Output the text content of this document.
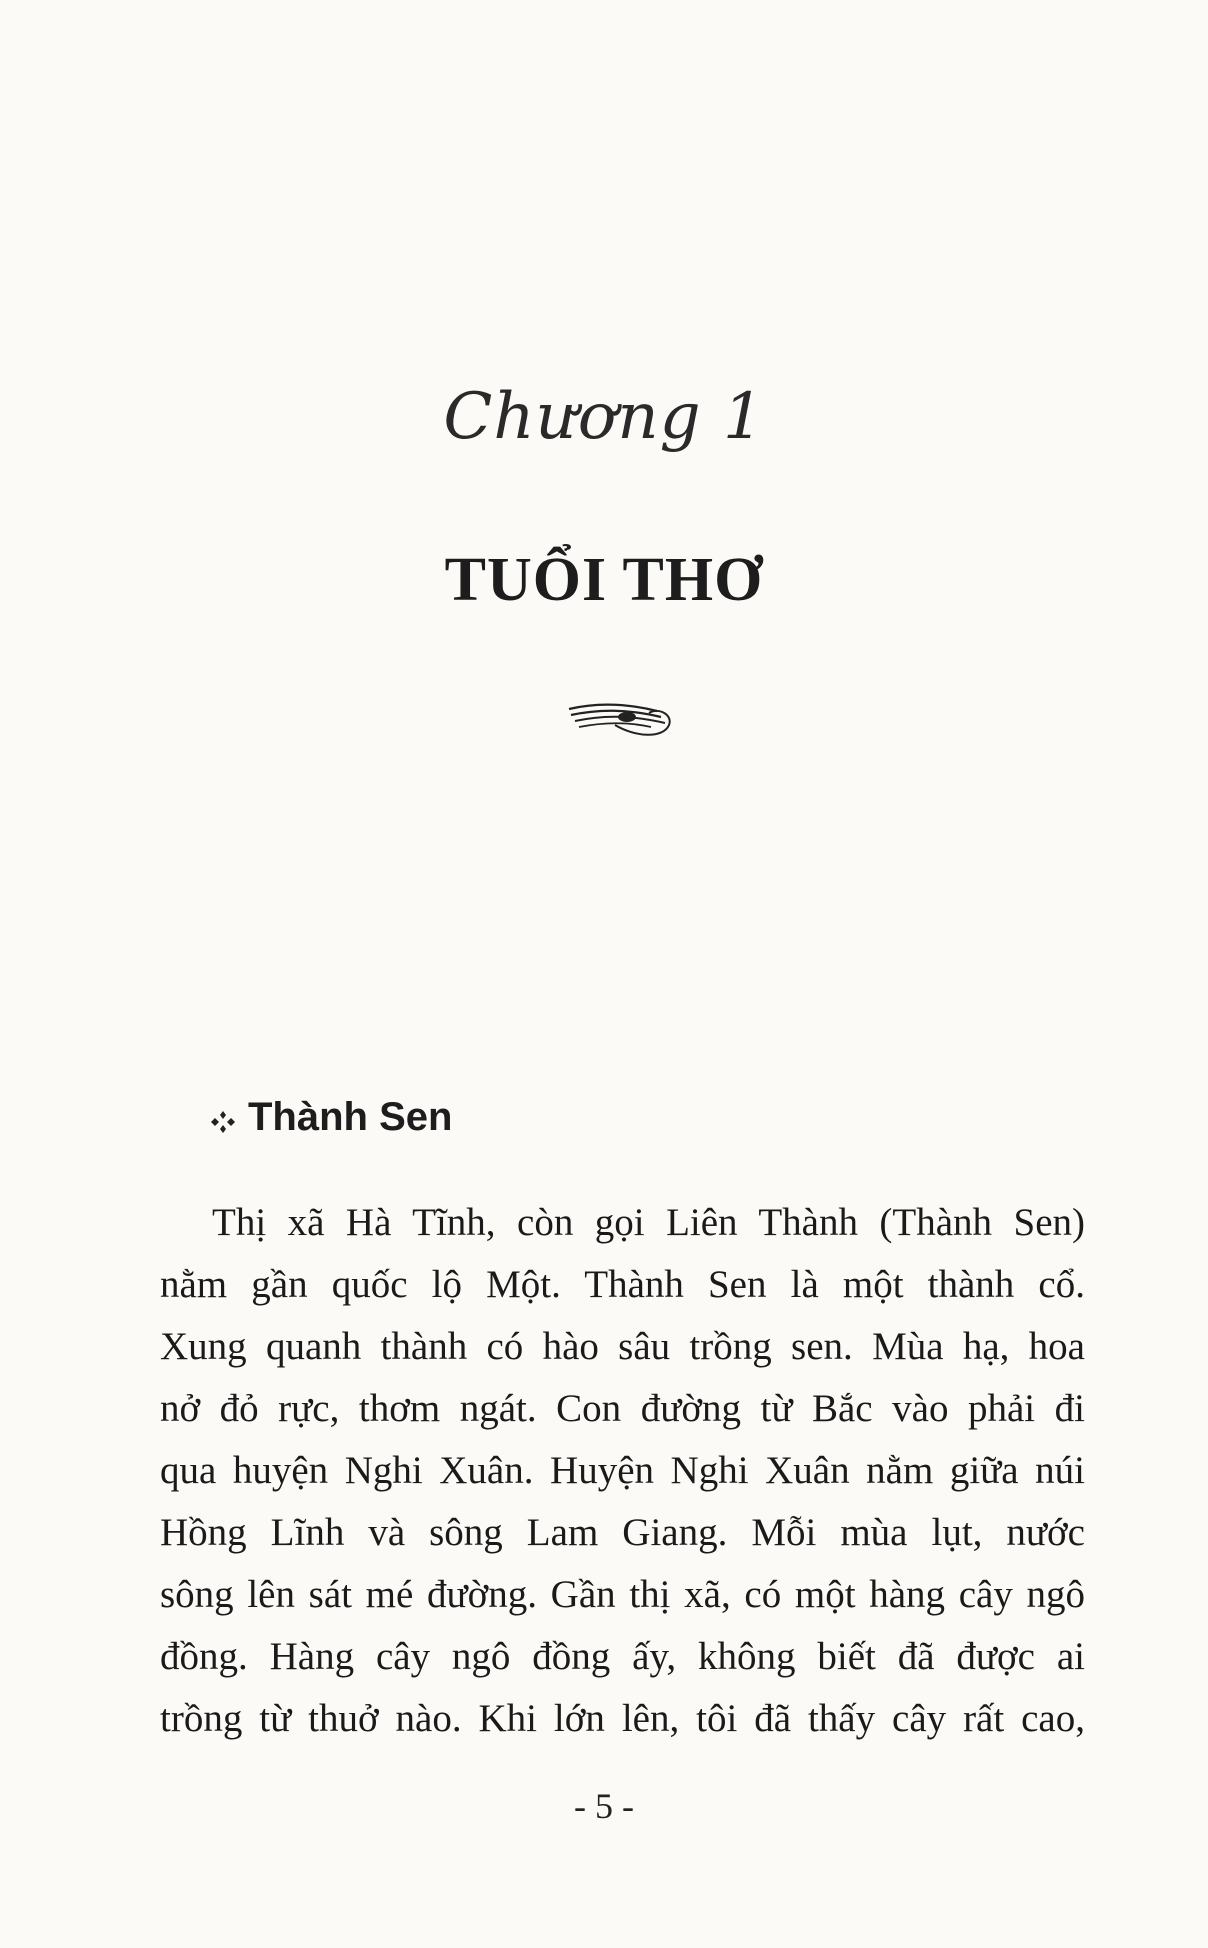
Chương 1
TUỔI THƠ
Thành Sen
Thị xã Hà Tĩnh, còn gọi Liên Thành (Thành Sen)
nằm gần quốc lộ Một. Thành Sen là một thành cổ.
Xung quanh thành có hào sâu trồng sen. Mùa hạ, hoa
nở đỏ rực, thơm ngát. Con đường từ Bắc vào phải đi
qua huyện Nghi Xuân. Huyện Nghi Xuân nằm giữa núi
Hồng Lĩnh và sông Lam Giang. Mỗi mùa lụt, nước
sông lên sát mé đường. Gần thị xã, có một hàng cây ngô
đồng. Hàng cây ngô đồng ấy, không biết đã được ai
trồng từ thuở nào. Khi lớn lên, tôi đã thấy cây rất cao,
- 5 -
